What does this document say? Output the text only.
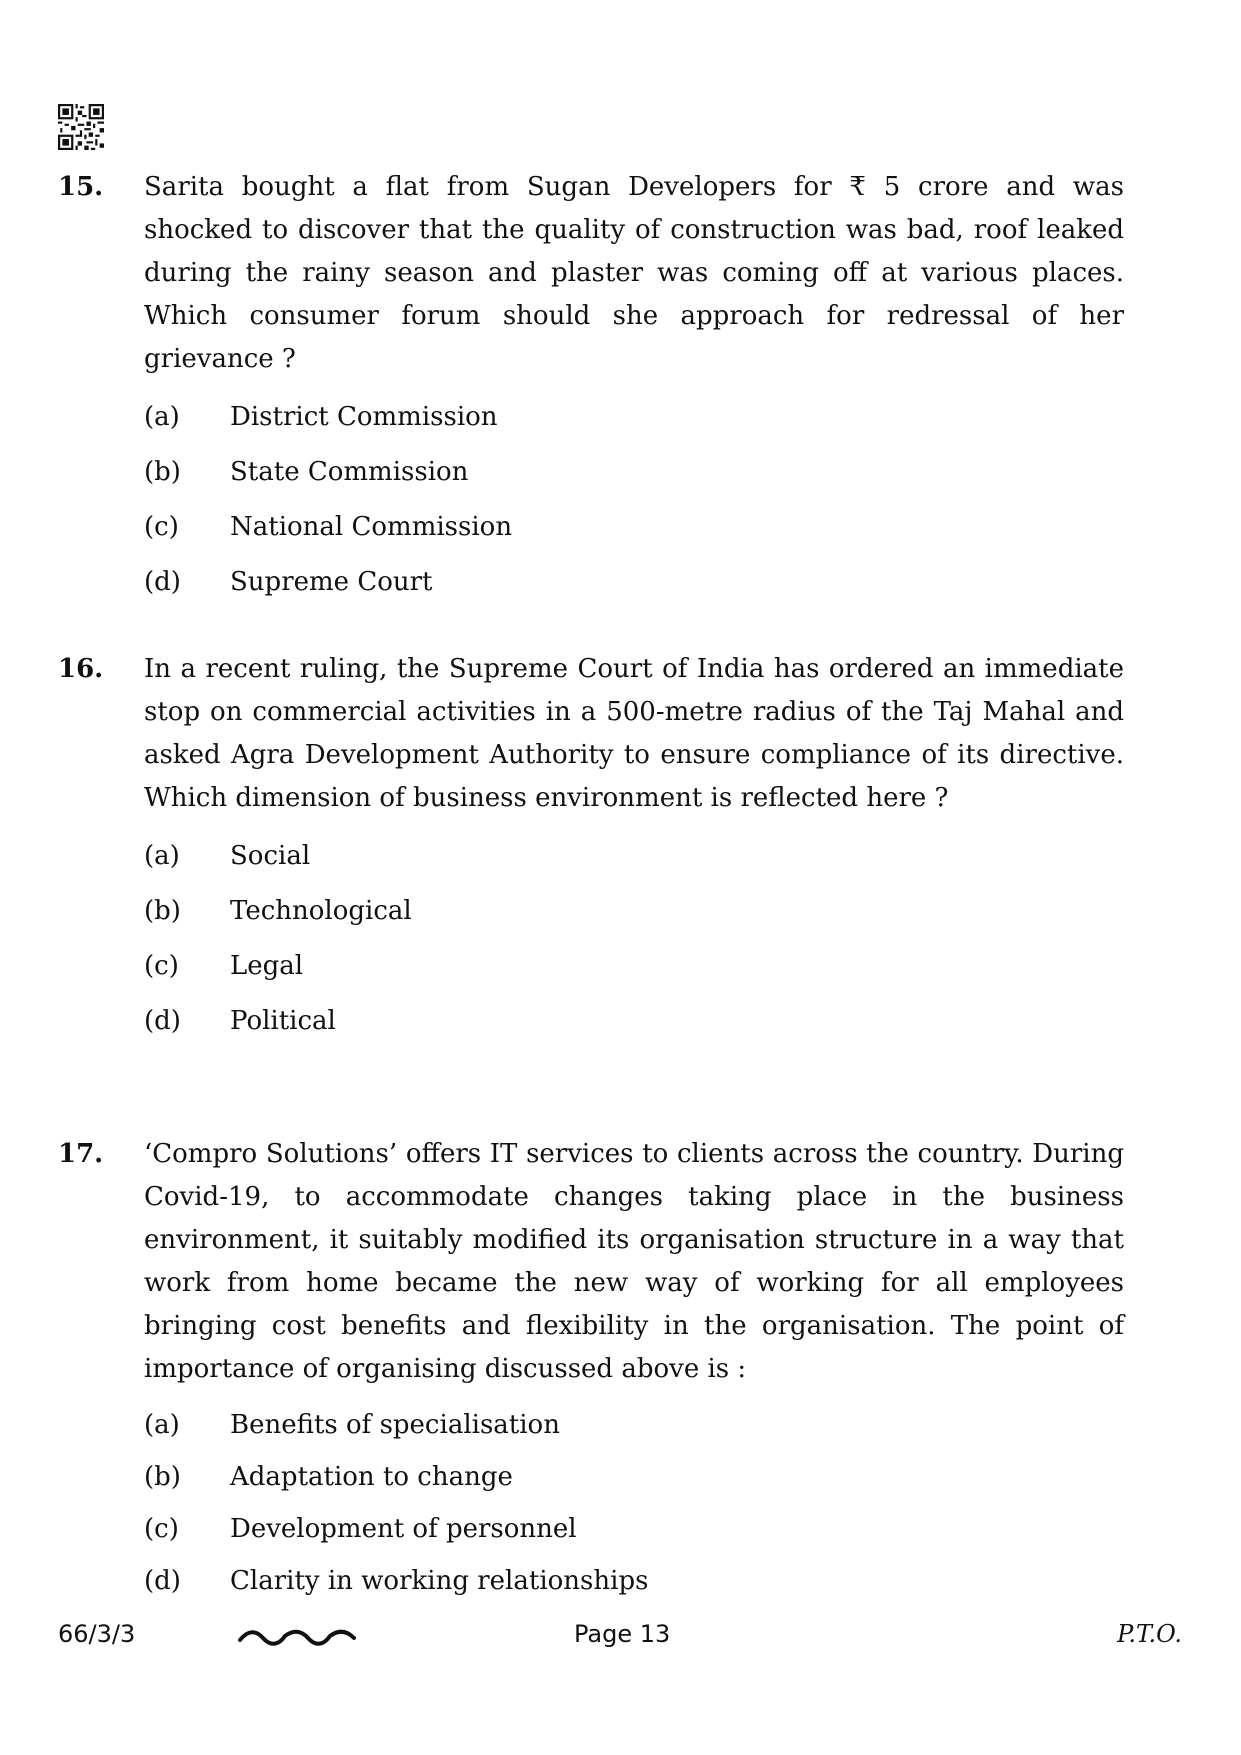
15.	Sarita bought a flat from Sugan Developers for ₹ 5 crore and was shocked to discover that the quality of construction was bad, roof leaked during the rainy season and plaster was coming off at various places. Which consumer forum should she approach for redressal of her grievance ?
(a)	District Commission
(b)	State Commission
(c)	National Commission
(d)	Supreme Court
16.	In a recent ruling, the Supreme Court of India has ordered an immediate stop on commercial activities in a 500-metre radius of the Taj Mahal and asked Agra Development Authority to ensure compliance of its directive. Which dimension of business environment is reflected here ?
(a)	Social
(b)	Technological
(c)	Legal
(d)	Political
17.	‘Compro Solutions’ offers IT services to clients across the country. During Covid-19, to accommodate changes taking place in the business environment, it suitably modified its organisation structure in a way that work from home became the new way of working for all employees bringing cost benefits and flexibility in the organisation. The point of importance of organising discussed above is :
(a)	Benefits of specialisation
(b)	Adaptation to change
(c)	Development of personnel
(d)	Clarity in working relationships
66/3/3	Page 13	P.T.O.
